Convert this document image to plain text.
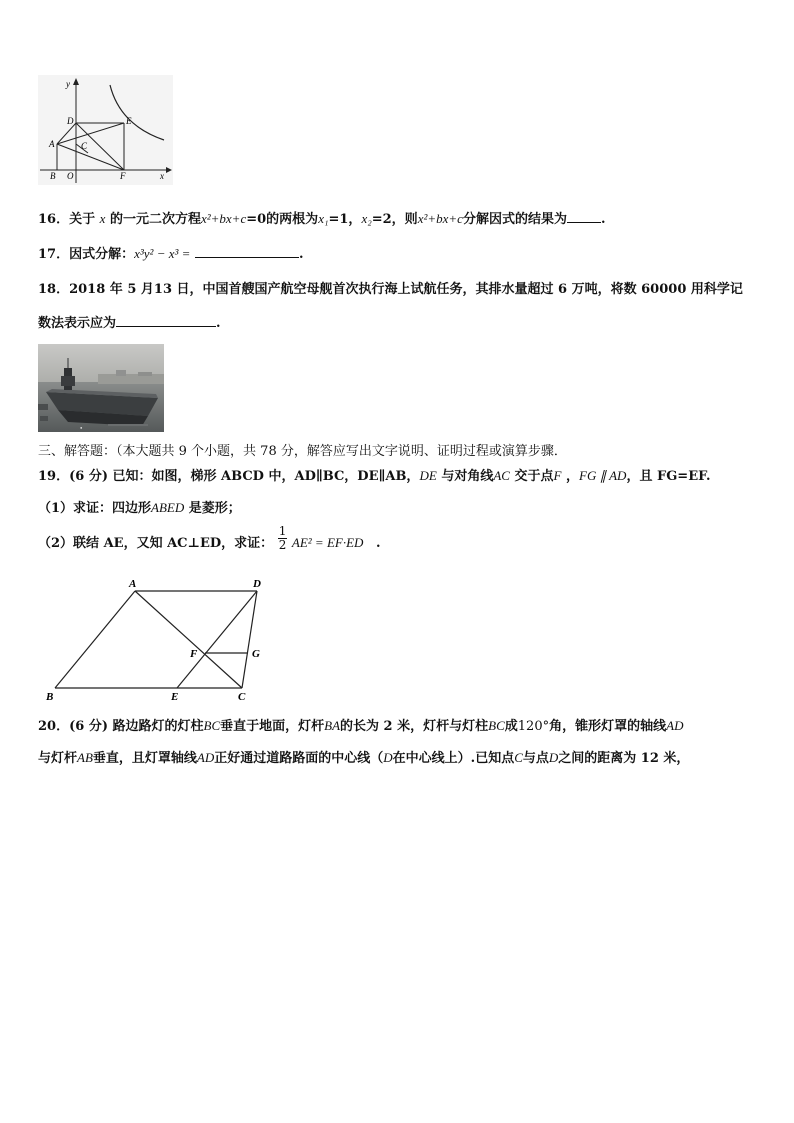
y
x
A
B
C
D	E
F
O
16．关于 x 的一元二次方程x²+bx+c=0的两根为x₁=1，x₂=2，则x²+bx+c分解因式的结果为	.
17．因式分解：x³y² − x³ =	.
18．2018 年 5 月13 日，中国首艘国产航空母舰首次执行海上试航任务，其排水量超过 6 万吨，将数 60000 用科学记
数法表示应为	.
●
三、解答题：（本大题共 9 个小题，共 78 分，解答应写出文字说明、证明过程或演算步骤．
19．(6 分) 已知：如图，梯形 ABCD 中，AD∥BC，DE∥AB，DE 与对角线AC 交于点F ，FG ∥ AD，且 FG=EF.
（1）求证：四边形ABED 是菱形；
（2）联结 AE，又知 AC⊥ED，求证： $\frac{1}{2} AE^2 = EF\cdot ED$ .
A	D
F	G
B	E	C
20．(6 分) 路边路灯的灯柱BC垂直于地面，灯杆BA的长为 2 米，灯杆与灯柱BC成120°角，锥形灯罩的轴线AD
与灯杆AB垂直，且灯罩轴线AD正好通过道路路面的中心线（D在中心线上）.已知点C与点D之间的距离为 12 米，
